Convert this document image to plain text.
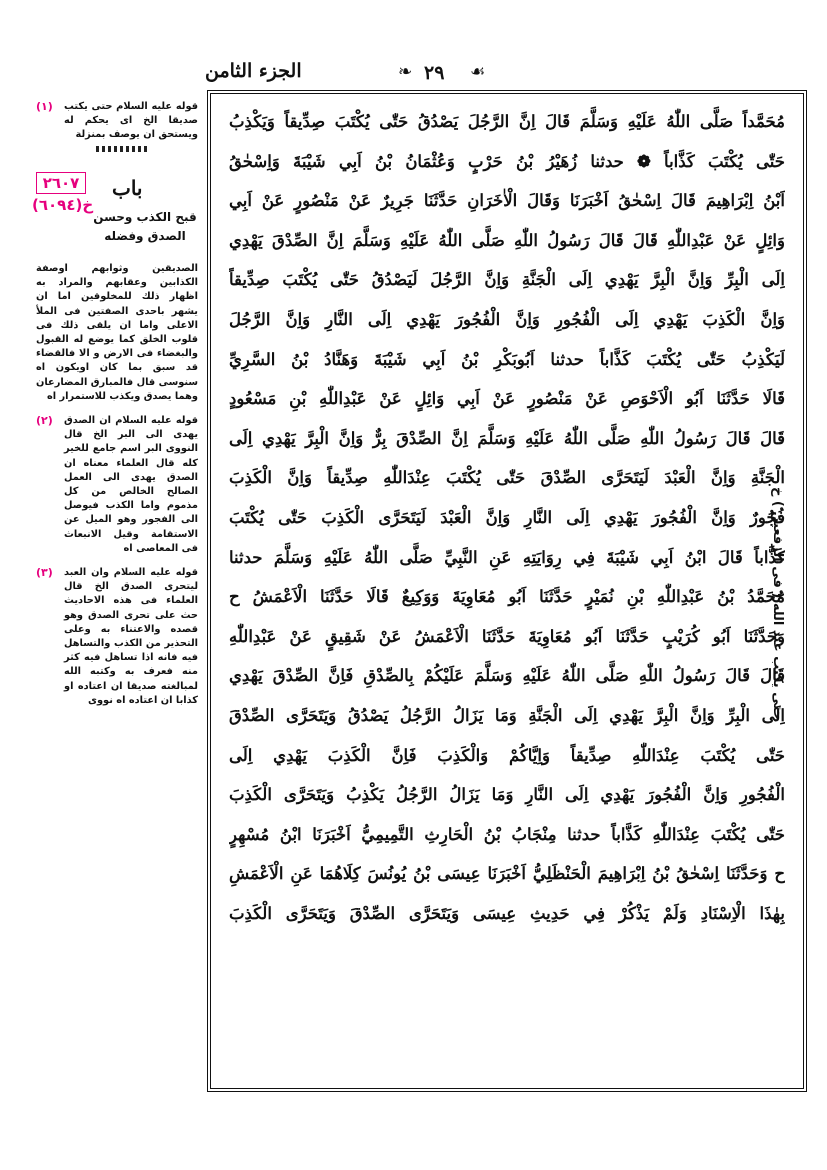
الجزء الثامن	❧ ٢٩ ☙
(١) قوله عليه السلام حتى يكتب صديقا الخ اى يحكم له ويستحق ان يوصف بمنزلة
٢٦٠٧
خ(٦٠٩٤)
باب
قبح الكذب وحسن الصدق وفضله
الصديقين وثوابهم اوصفة الكذابين وعقابهم والمراد به اظهار ذلك للمخلوقين اما ان يشهر باحدى الصفتين فى الملأ الاعلى واما ان يلقى ذلك فى قلوب الخلق كما يوضع له القبول والبغضاء فى الارض و الا فالقضاء قد سبق بما كان اويكون اه سنوسى قال فالمبارق المضارعان وهما يصدق ويكذب للاستمرار اه
(٢) قوله عليه السلام ان الصدق يهدى الى البر الخ قال النووى البر اسم جامع للخير كله قال العلماء معناه ان الصدق يهدى الى العمل الصالح الخالص من كل مذموم واما الكذب فيوصل الى الفجور وهو الميل عن الاستقامة وقيل الانبعاث فى المعاصى اه
(٣) قوله عليه السلام وان العبد ليتحرى الصدق الخ قال العلماء فى هذه الاحاديث حث على تحرى الصدق وهو قصده والاعتناء به وعلى التحذير من الكذب والتساهل فيه فانه اذا تساهل فيه كثر منه فعرف به وكتبه الله لمبالغته صديقا ان اعتاده او كذابا ان اعتاده اه نووى
مُحَمَّداً صَلَّى اللّٰهُ عَلَيْهِ وَسَلَّمَ قَالَ اِنَّ الرَّجُلَ يَصْدُقُ حَتّٰى يُكْتَبَ صِدِّيقاً وَيَكْذِبُ
حَتّٰى يُكْتَبَ كَذَّاباً ❁ حدثنا زُهَيْرُ بْنُ حَرْبٍ وَعُثْمَانُ بْنُ اَبِي شَيْبَةَ وَاِسْحٰقُ
اَبْنُ اِبْرَاهِيمَ قَالَ اِسْحٰقُ اَخْبَرَنَا وَقَالَ الْاٰخَرَانِ حَدَّثَنَا جَرِيرٌ عَنْ مَنْصُورٍ عَنْ اَبِي
وَائِلٍ عَنْ عَبْدِاللّٰهِ قَالَ قَالَ رَسُولُ اللّٰهِ صَلَّى اللّٰهُ عَلَيْهِ وَسَلَّمَ اِنَّ الصِّدْقَ يَهْدِي
اِلَى الْبِرِّ وَاِنَّ الْبِرَّ يَهْدِي اِلَى الْجَنَّةِ وَاِنَّ الرَّجُلَ لَيَصْدُقُ حَتّٰى يُكْتَبَ صِدِّيقاً
وَاِنَّ الْكَذِبَ يَهْدِي اِلَى الْفُجُورِ وَاِنَّ الْفُجُورَ يَهْدِي اِلَى النَّارِ وَاِنَّ الرَّجُلَ
لَيَكْذِبُ حَتّٰى يُكْتَبَ كَذَّاباً حدثنا اَبُوبَكْرِ بْنُ اَبِي شَيْبَةَ وَهَنَّادُ بْنُ السَّرِيِّ
قَالَا حَدَّثَنَا اَبُو الْاَحْوَصِ عَنْ مَنْصُورٍ عَنْ اَبِي وَائِلٍ عَنْ عَبْدِاللّٰهِ بْنِ مَسْعُودٍ
قَالَ قَالَ رَسُولُ اللّٰهِ صَلَّى اللّٰهُ عَلَيْهِ وَسَلَّمَ اِنَّ الصِّدْقَ بِرٌّ وَاِنَّ الْبِرَّ يَهْدِي اِلَى
الْجَنَّةِ وَاِنَّ الْعَبْدَ لَيَتَحَرَّى الصِّدْقَ حَتّٰى يُكْتَبَ عِنْدَاللّٰهِ صِدِّيقاً وَاِنَّ الْكَذِبَ
فُجُورٌ وَاِنَّ الْفُجُورَ يَهْدِي اِلَى النَّارِ وَاِنَّ الْعَبْدَ لَيَتَحَرَّى الْكَذِبَ حَتّٰى يُكْتَبَ
كَذَّاباً قَالَ ابْنُ اَبِي شَيْبَةَ فِي رِوَايَتِهِ عَنِ النَّبِيِّ صَلَّى اللّٰهُ عَلَيْهِ وَسَلَّمَ حدثنا
مُحَمَّدُ بْنُ عَبْدِاللّٰهِ بْنِ نُمَيْرٍ حَدَّثَنَا اَبُو مُعَاوِيَةَ وَوَكِيعٌ قَالَا حَدَّثَنَا الْاَعْمَشُ ح
وَحَدَّثَنَا اَبُو كُرَيْبٍ حَدَّثَنَا اَبُو مُعَاوِيَةَ حَدَّثَنَا الْاَعْمَشُ عَنْ شَقِيقٍ عَنْ عَبْدِاللّٰهِ
قَالَ قَالَ رَسُولُ اللّٰهِ صَلَّى اللّٰهُ عَلَيْهِ وَسَلَّمَ عَلَيْكُمْ بِالصِّدْقِ فَاِنَّ الصِّدْقَ يَهْدِي
اِلَى الْبِرِّ وَاِنَّ الْبِرَّ يَهْدِي اِلَى الْجَنَّةِ وَمَا يَزَالُ الرَّجُلُ يَصْدُقُ وَيَتَحَرَّى الصِّدْقَ
حَتّٰى يُكْتَبَ عِنْدَاللّٰهِ صِدِّيقاً وَاِيَّاكُمْ وَالْكَذِبَ فَاِنَّ الْكَذِبَ يَهْدِي اِلَى
الْفُجُورِ وَاِنَّ الْفُجُورَ يَهْدِي اِلَى النَّارِ وَمَا يَزَالُ الرَّجُلُ يَكْذِبُ وَيَتَحَرَّى الْكَذِبَ
حَتّٰى يُكْتَبَ عِنْدَاللّٰهِ كَذَّاباً حدثنا مِنْجَابُ بْنُ الْحَارِثِ التَّمِيمِيُّ اَخْبَرَنَا ابْنُ مُسْهِرٍ
ح وَحَدَّثَنَا اِسْحٰقُ بْنُ اِبْرَاهِيمَ الْحَنْظَلِيُّ اَخْبَرَنَا عِيسَى بْنُ يُونُسَ كِلَاهُمَا عَنِ الْاَعْمَشِ
بِهٰذَا الْاِسْنَادِ وَلَمْ يَذْكُرْ فِي حَدِيثِ عِيسَى وَيَتَحَرَّى الصِّدْقَ وَيَتَحَرَّى الْكَذِبَ
حتى يكتب عند الله ( فى الرفعين ) خ
